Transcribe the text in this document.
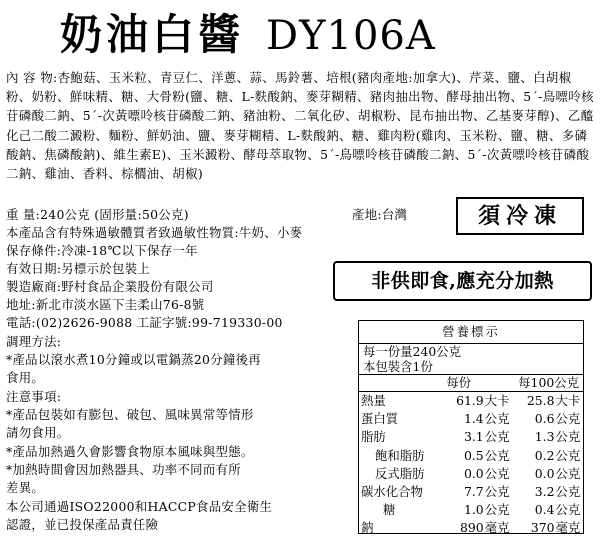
奶油白醬 DY106A
內 容 物:杏鮑菇、玉米粒、青豆仁、洋蔥、蒜、馬鈴薯、培根(豬肉產地:加拿大)、芹菜、鹽、白胡椒粉、奶粉、鮮味精、糖、大骨粉(鹽、糖、L-麩酸鈉、麥芽糊精、豬肉抽出物、酵母抽出物、5´-鳥嘌呤核苷磷酸二鈉、5´-次黃嘌呤核苷磷酸二鈉、豬油粉、二氧化矽、胡椒粉、昆布抽出物、乙基麥芽醇)、乙醯化己二酸二澱粉、麵粉、鮮奶油、鹽、麥芽糊精、L-麩酸鈉、糖、雞肉粉(雞肉、玉米粉、鹽、糖、多磷酸鈉、焦磷酸鈉)、維生素E)、玉米澱粉、酵母萃取物、5´-鳥嘌呤核苷磷酸二鈉、5´-次黃嘌呤核苷磷酸二鈉、雞油、香料、棕櫚油、胡椒)
重 量:240公克 (固形量:50公克)	產地:台灣
本產品含有特殊過敏體質者致過敏性物質:牛奶、小麥
保存條件:冷凍-18℃以下保存一年
有效日期:另標示於包裝上
製造廠商:野村食品企業股份有限公司
地址:新北市淡水區下圭柔山76-8號
電話:(02)2626-9088 工証字號:99-719330-00
調理方法:
*產品以滾水煮10分鐘或以電鍋蒸20分鐘後再
食用。
注意事項:
*產品包裝如有膨包、破包、風味異常等情形
請勿食用。
*產品加熱過久會影響食物原本風味與型態。
*加熱時間會因加熱器具、功率不同而有所
差異。
本公司通過ISO22000和HACCP食品安全衛生
認證，並已投保產品責任險
須冷凍
非供即食,應充分加熱
營養標示
每一份量240公克
本包裝含1份
每份	每100公克
熱量	61.9	大卡	25.8	大卡
蛋白質	1.4	公克	0.6	公克
脂肪	3.1	公克	1.3	公克
飽和脂肪	0.5	公克	0.2	公克
反式脂肪	0.0	公克	0.0	公克
碳水化合物	7.7	公克	3.2	公克
糖	1.0	公克	0.4	公克
鈉	890	毫克	370	毫克
